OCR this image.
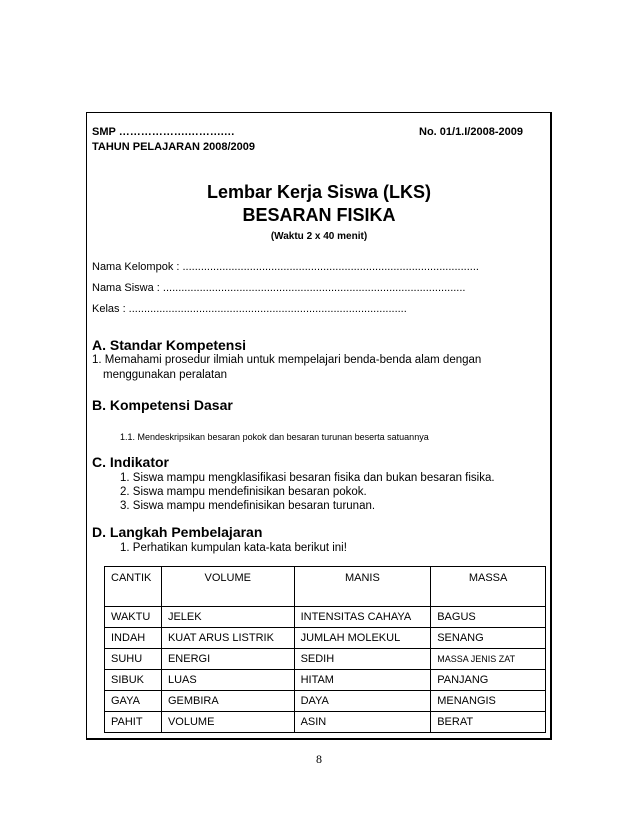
SMP ……………….……….…	No. 01/1.I/2008-2009
TAHUN PELAJARAN 2008/2009
Lembar Kerja Siswa (LKS)
BESARAN FISIKA
(Waktu 2 x 40 menit)
Nama Kelompok : .................................................................................................
Nama Siswa : ...................................................................................................
Kelas : ...........................................................................................
A. Standar Kompetensi
1. Memahami prosedur ilmiah untuk mempelajari benda-benda alam dengan
menggunakan peralatan
B. Kompetensi Dasar
1.1. Mendeskripsikan besaran pokok dan besaran turunan beserta satuannya
C. Indikator
1. Siswa mampu mengklasifikasi besaran fisika dan bukan besaran fisika.
2. Siswa mampu mendefinisikan besaran pokok.
3. Siswa mampu mendefinisikan besaran turunan.
D. Langkah Pembelajaran
1. Perhatikan kumpulan kata-kata berikut ini!
CANTIK	VOLUME	MANIS	MASSA
WAKTU	JELEK	INTENSITAS CAHAYA	BAGUS
INDAH	KUAT ARUS LISTRIK	JUMLAH MOLEKUL	SENANG
SUHU	ENERGI	SEDIH	MASSA JENIS ZAT
SIBUK	LUAS	HITAM	PANJANG
GAYA	GEMBIRA	DAYA	MENANGIS
PAHIT	VOLUME	ASIN	BERAT
8
